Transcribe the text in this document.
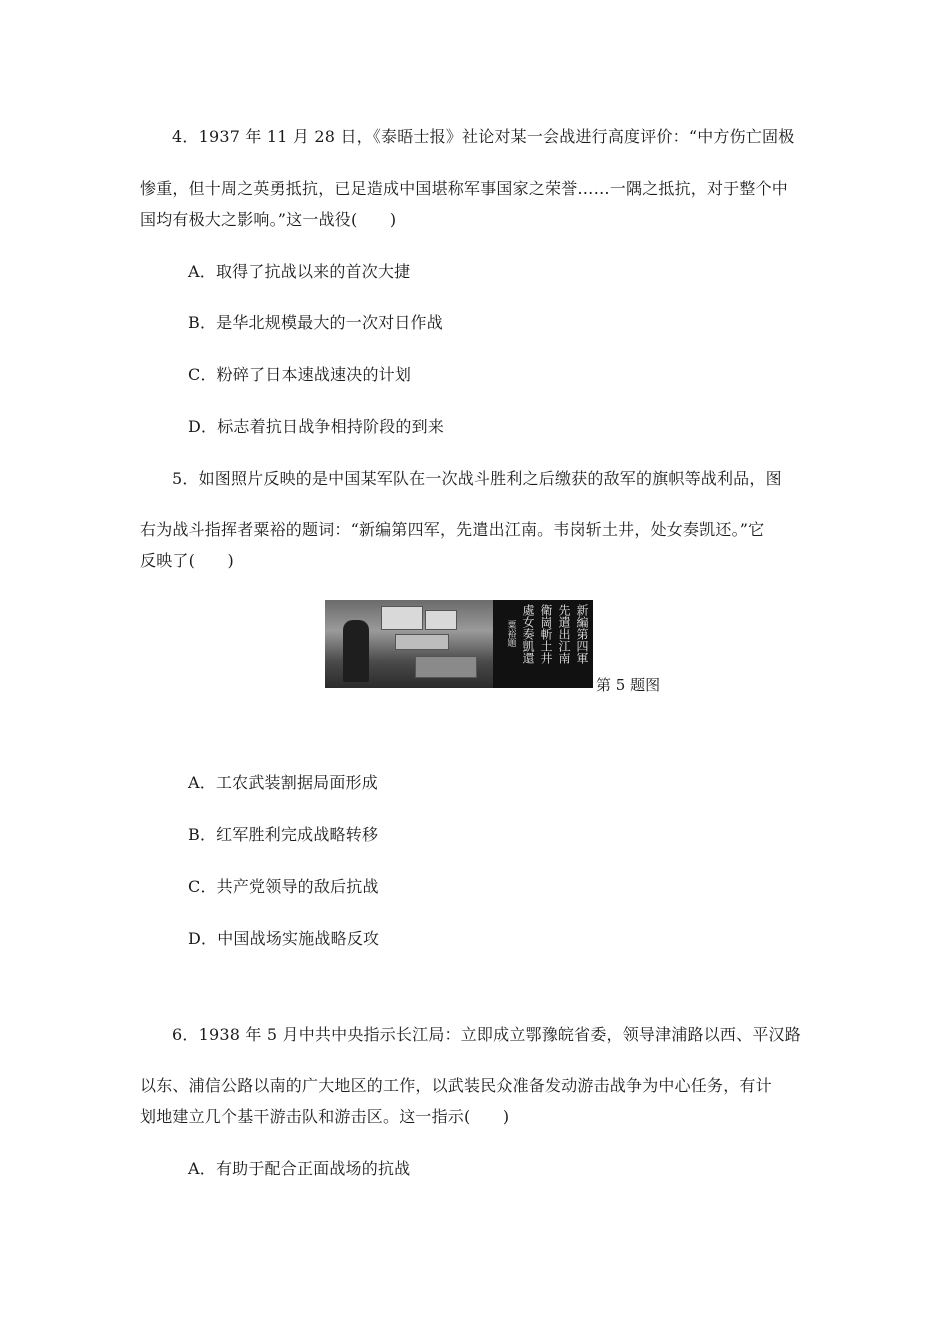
4．1937 年 11 月 28 日，《泰晤士报》社论对某一会战进行高度评价：“中方伤亡固极
惨重，但十周之英勇抵抗，已足造成中国堪称军事国家之荣誉……一隅之抵抗，对于整个中
国均有极大之影响。”这一战役(　　)
A．取得了抗战以来的首次大捷
B．是华北规模最大的一次对日作战
C．粉碎了日本速战速决的计划
D．标志着抗日战争相持阶段的到来
5．如图照片反映的是中国某军队在一次战斗胜利之后缴获的敌军的旗帜等战利品，图
右为战斗指挥者粟裕的题词：“新编第四军，先遣出江南。韦岗斩土井，处女奏凯还。”它
反映了(　　)
新編第四軍
先遣出江南
衛崗斬土井
處女奏凱還
粟裕題
第 5 题图
A．工农武装割据局面形成
B．红军胜利完成战略转移
C．共产党领导的敌后抗战
D．中国战场实施战略反攻
6．1938 年 5 月中共中央指示长江局：立即成立鄂豫皖省委，领导津浦路以西、平汉路
以东、浦信公路以南的广大地区的工作，以武装民众准备发动游击战争为中心任务，有计
划地建立几个基干游击队和游击区。这一指示(　　)
A．有助于配合正面战场的抗战
